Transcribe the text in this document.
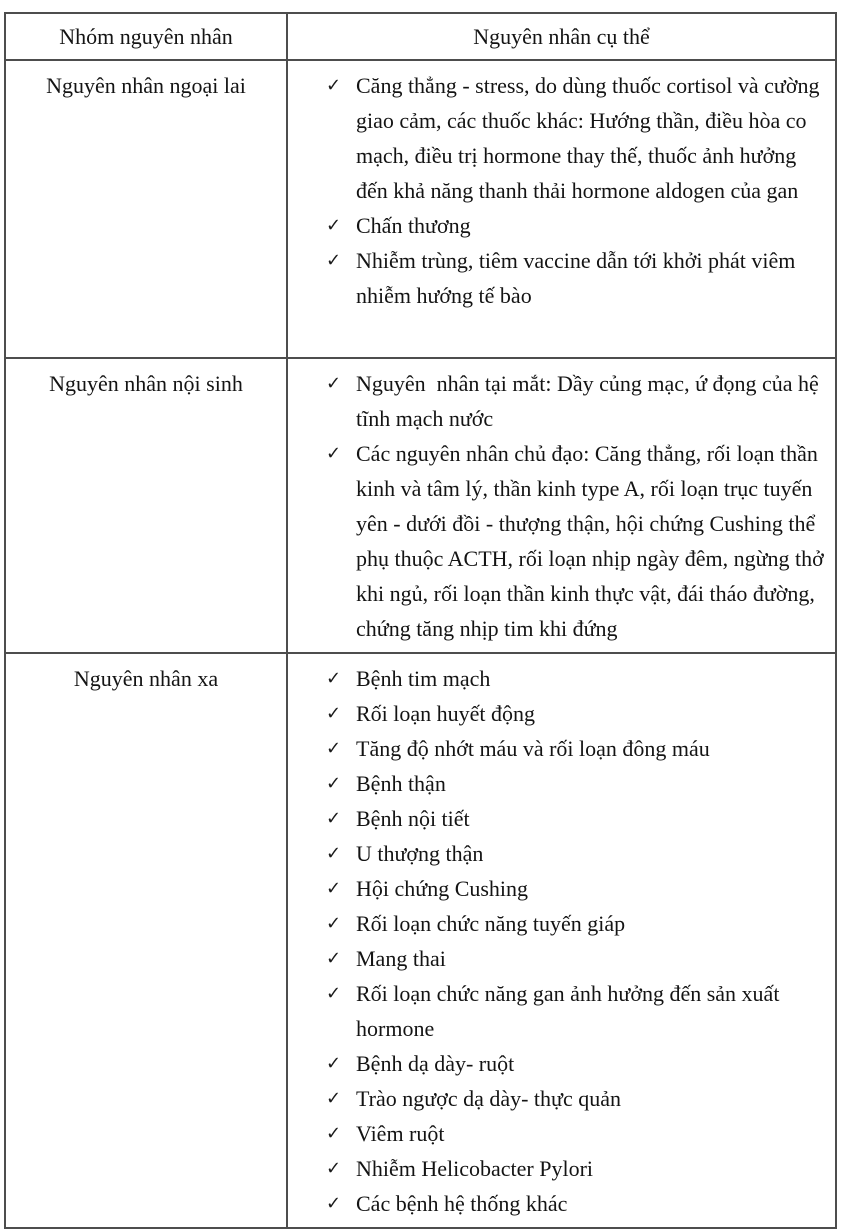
Nhóm nguyên nhân	Nguyên nhân cụ thể
Nguyên nhân ngoại lai	✓ Căng thẳng - stress, do dùng thuốc cortisol và cường giao cảm, các thuốc khác: Hướng thần, điều hòa co mạch, điều trị hormone thay thế, thuốc ảnh hưởng đến khả năng thanh thải hormone aldogen của gan
✓ Chấn thương
✓ Nhiễm trùng, tiêm vaccine dẫn tới khởi phát viêm nhiễm hướng tế bào

Nguyên nhân nội sinh	✓ Nguyên  nhân tại mắt: Dầy củng mạc, ứ đọng của hệ tĩnh mạch nước
✓ Các nguyên nhân chủ đạo: Căng thẳng, rối loạn thần kinh và tâm lý, thần kinh type A, rối loạn trục tuyến yên - dưới đồi - thượng thận, hội chứng Cushing thể phụ thuộc ACTH, rối loạn nhịp ngày đêm, ngừng thở khi ngủ, rối loạn thần kinh thực vật, đái tháo đường, chứng tăng nhịp tim khi đứng

Nguyên nhân xa	✓ Bệnh tim mạch
✓ Rối loạn huyết động
✓ Tăng độ nhớt máu và rối loạn đông máu
✓ Bệnh thận
✓ Bệnh nội tiết
✓ U thượng thận
✓ Hội chứng Cushing
✓ Rối loạn chức năng tuyến giáp
✓ Mang thai
✓ Rối loạn chức năng gan ảnh hưởng đến sản xuất hormone
✓ Bệnh dạ dày- ruột
✓ Trào ngược dạ dày- thực quản
✓ Viêm ruột
✓ Nhiễm Helicobacter Pylori
✓ Các bệnh hệ thống khác
